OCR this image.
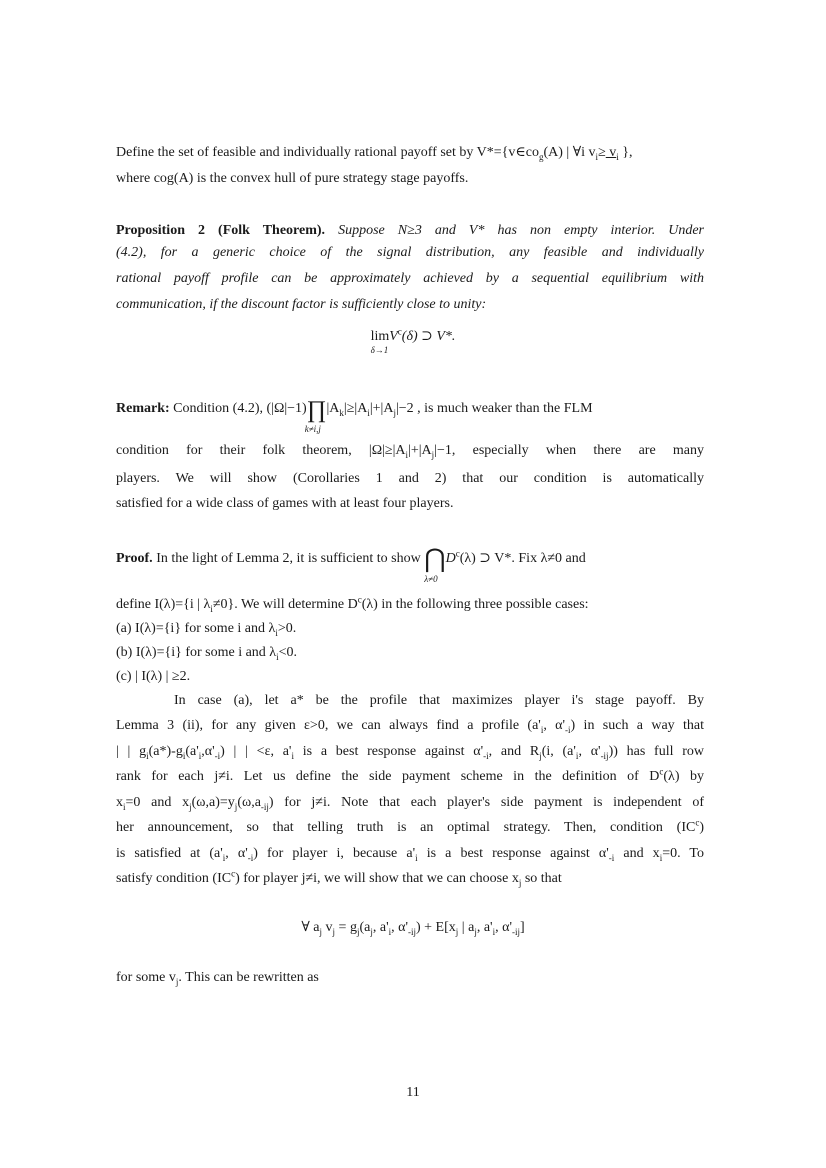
Define the set of feasible and individually rational payoff set by $V*=\{v\in co_g(A)$ | ∀i $v_i\ge v_i$ },
where cog(A) is the convex hull of pure strategy stage payoffs.
Proposition 2 (Folk Theorem). Suppose N≥3 and V* has non empty interior. Under
(4.2), for a generic choice of the signal distribution, any feasible and individually
rational payoff profile can be approximately achieved by a sequential equilibrium with
communication, if the discount factor is sufficiently close to unity:
limV$^c$(δ) ⊃ V*.
δ→1
Remark: Condition (4.2), (|Ω|−1)∏
k≠i,j
$|A_k|\ge|A_i|+|A_j|-2$ , is much weaker than the FLM
condition for their folk theorem, $|\Omega|\ge|A_i|+|A_j|-1$, especially when there are many
players. We will show (Corollaries 1 and 2) that our condition is automatically
satisfied for a wide class of games with at least four players.
Proof. In the light of Lemma 2, it is sufficient to show ⋂
λ≠0
$D^c(\lambda)$ ⊃ V*. Fix λ≠0 and
define I(λ)={i | $\lambda_i\ne 0$}. We will determine $D^c(\lambda)$ in the following three possible cases:
(a) I(λ)={i} for some i and $\lambda_i>0$.
(b) I(λ)={i} for some i and $\lambda_i<0$.
(c) | I(λ) | ≥2.
In case (a), let a* be the profile that maximizes player i's stage payoff. By
Lemma 3 (ii), for any given ε>0, we can always find a profile ($a'_i$, $\alpha'_{-i}$) in such a way that
| | $g_i(a*)-g_i(a'_i,\alpha'_{-i})$ | | <ε, $a'_i$ is a best response against $\alpha'_{-i}$, and $R_j(i$, ($a'_i$, $\alpha'_{-ij}$)) has full row
rank for each j≠i. Let us define the side payment scheme in the definition of $D^c(\lambda)$ by
$x_i=0$ and $x_j(\omega,a)=y_j(\omega,a_{-ij})$ for j≠i. Note that each player's side payment is independent of
her announcement, so that telling truth is an optimal strategy. Then, condition $(IC^c)$
is satisfied at ($a'_i$, $\alpha'_{-i}$) for player i, because $a'_i$ is a best response against $\alpha'_{-i}$ and $x_i=0$. To
satisfy condition $(IC^c)$ for player j≠i, we will show that we can choose $x_j$ so that
∀ $a_j$ $v_j = g_j(a_j$, $a'_i$, $\alpha'_{-ij}) + E[x_j$ | $a_j$, $a'_i$, $\alpha'_{-ij}$]
for some $v_j$. This can be rewritten as
11
